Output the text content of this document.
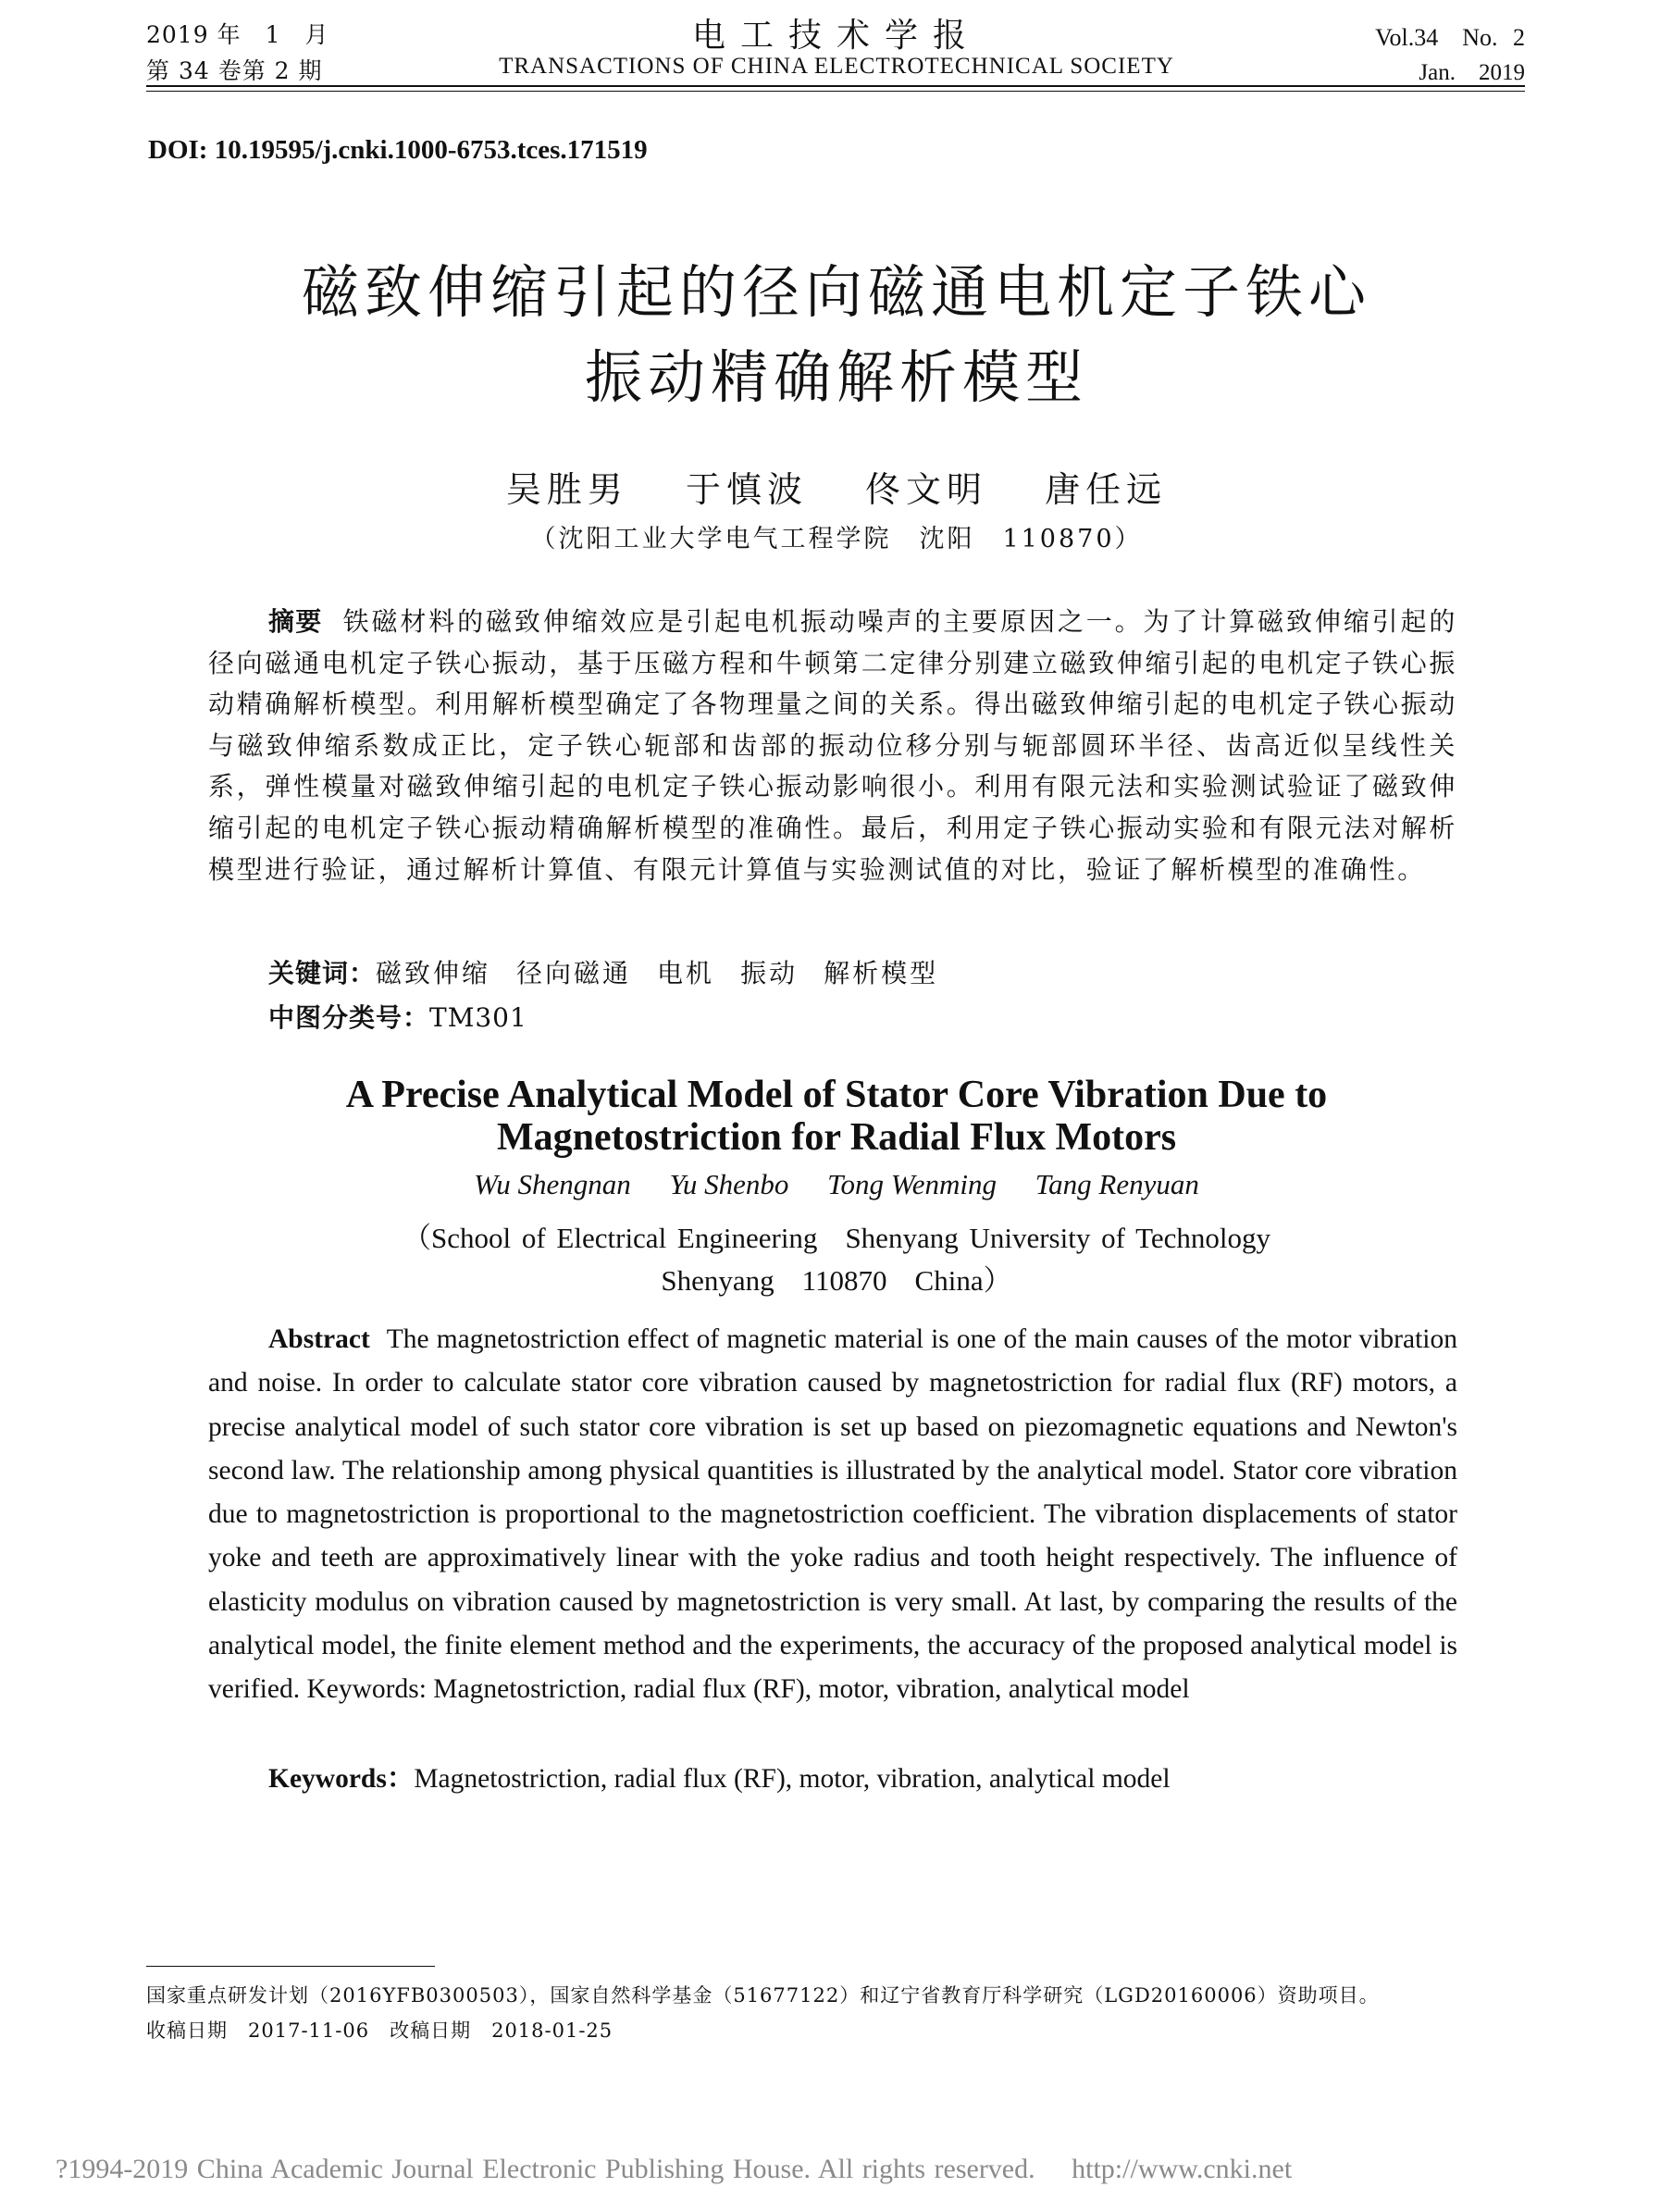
2019 年　1　月
第 34 卷第 2 期
电工技术学报
TRANSACTIONS OF CHINA ELECTROTECHNICAL SOCIETY
Vol.34　No. 2
Jan.　2019
DOI: 10.19595/j.cnki.1000-6753.tces.171519
磁致伸缩引起的径向磁通电机定子铁心
振动精确解析模型
吴胜男 于慎波 佟文明 唐任远
（沈阳工业大学电气工程学院　沈阳　110870）
摘要 铁磁材料的磁致伸缩效应是引起电机振动噪声的主要原因之一。为了计算磁致伸缩引起的径向磁通电机定子铁心振动，基于压磁方程和牛顿第二定律分别建立磁致伸缩引起的电机定子铁心振动精确解析模型。利用解析模型确定了各物理量之间的关系。得出磁致伸缩引起的电机定子铁心振动与磁致伸缩系数成正比，定子铁心轭部和齿部的振动位移分别与轭部圆环半径、齿高近似呈线性关系，弹性模量对磁致伸缩引起的电机定子铁心振动影响很小。利用有限元法和实验测试验证了磁致伸缩引起的电机定子铁心振动精确解析模型的准确性。最后，利用定子铁心振动实验和有限元法对解析模型进行验证，通过解析计算值、有限元计算值与实验测试值的对比，验证了解析模型的准确性。
关键词：磁致伸缩 径向磁通 电机 振动 解析模型
中图分类号：TM301
A Precise Analytical Model of Stator Core Vibration Due to
Magnetostriction for Radial Flux Motors
Wu Shengnan Yu Shenbo Tong Wenming Tang Renyuan
（School of Electrical Engineering Shenyang University of Technology
Shenyang 110870 China）
Abstract The magnetostriction effect of magnetic material is one of the main causes of the motor vibration and noise. In order to calculate stator core vibration caused by magnetostriction for radial flux (RF) motors, a precise analytical model of such stator core vibration is set up based on piezomagnetic equations and Newton's second law. The relationship among physical quantities is illustrated by the analytical model. Stator core vibration due to magnetostriction is proportional to the magnetostriction coefficient. The vibration displacements of stator yoke and teeth are approximatively linear with the yoke radius and tooth height respectively. The influence of elasticity modulus on vibration caused by magnetostriction is very small. At last, by comparing the results of the analytical model, the finite element method and the experiments, the accuracy of the proposed analytical model is verified. Keywords: Magnetostriction, radial flux (RF), motor, vibration, analytical model
Keywords：Magnetostriction, radial flux (RF), motor, vibration, analytical model
国家重点研发计划（2016YFB0300503），国家自然科学基金（51677122）和辽宁省教育厅科学研究（LGD20160006）资助项目。
收稿日期　2017-11-06　改稿日期　2018-01-25
?1994-2019 China Academic Journal Electronic Publishing House. All rights reserved.　 http://www.cnki.net
